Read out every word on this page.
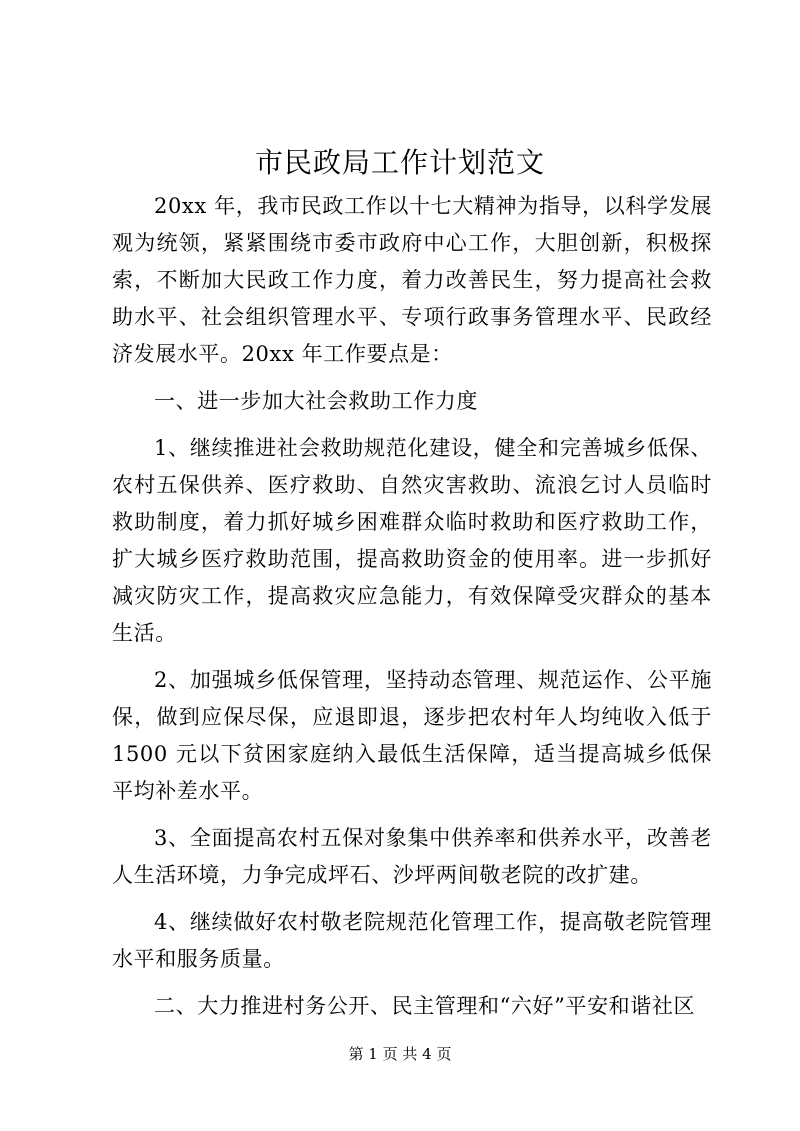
市民政局工作计划范文

20xx 年，我市民政工作以十七大精神为指导，以科学发展观为统领，紧紧围绕市委市政府中心工作，大胆创新，积极探索，不断加大民政工作力度，着力改善民生，努力提高社会救助水平、社会组织管理水平、专项行政事务管理水平、民政经济发展水平。20xx 年工作要点是：

一、进一步加大社会救助工作力度

1、继续推进社会救助规范化建设，健全和完善城乡低保、农村五保供养、医疗救助、自然灾害救助、流浪乞讨人员临时救助制度，着力抓好城乡困难群众临时救助和医疗救助工作，扩大城乡医疗救助范围，提高救助资金的使用率。进一步抓好减灾防灾工作，提高救灾应急能力，有效保障受灾群众的基本生活。

2、加强城乡低保管理，坚持动态管理、规范运作、公平施保，做到应保尽保，应退即退，逐步把农村年人均纯收入低于1500 元以下贫困家庭纳入最低生活保障，适当提高城乡低保平均补差水平。

3、全面提高农村五保对象集中供养率和供养水平，改善老人生活环境，力争完成坪石、沙坪两间敬老院的改扩建。

4、继续做好农村敬老院规范化管理工作，提高敬老院管理水平和服务质量。

二、大力推进村务公开、民主管理和“六好”平安和谐社区

第 1 页 共 4 页
